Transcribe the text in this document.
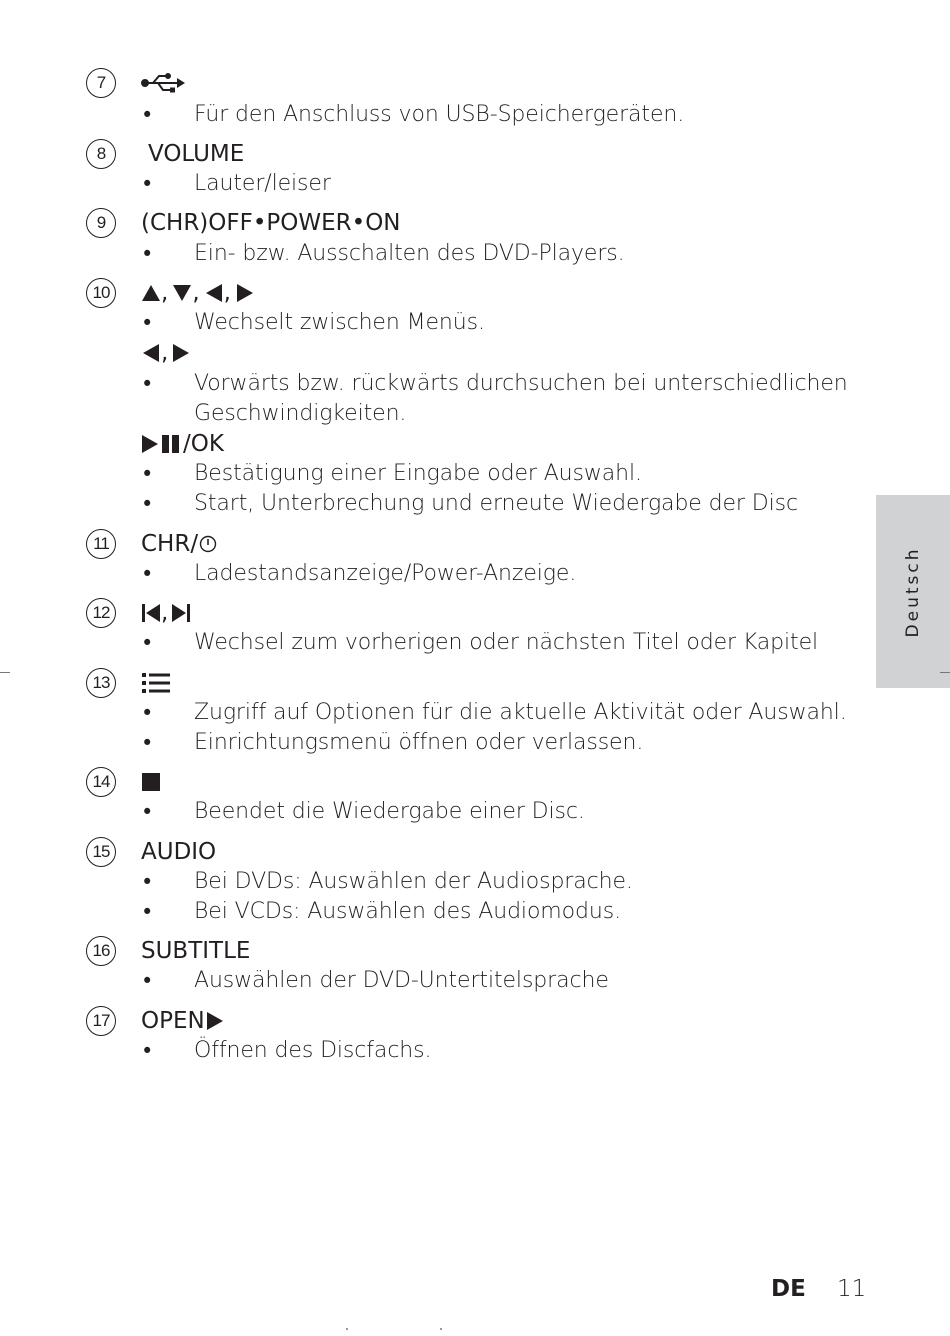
7
• Für den Anschluss von USB-Speichergeräten.
8	VOLUME
• Lauter/leiser
9	(CHR)OFF•POWER•ON
• Ein- bzw. Ausschalten des DVD-Players.
10 , , ,
• Wechselt zwischen Menüs.
,
• Vorwärts bzw. rückwärts durchsuchen bei unterschiedlichen
Geschwindigkeiten.
/OK
• Bestätigung einer Eingabe oder Auswahl.
• Start, Unterbrechung und erneute Wiedergabe der Disc
11	CHR/
• Ladestandsanzeige/Power-Anzeige.
12 ,
• Wechsel zum vorherigen oder nächsten Titel oder Kapitel
13
• Zugriff auf Optionen für die aktuelle Aktivität oder Auswahl.
• Einrichtungsmenü öffnen oder verlassen.
14
• Beendet die Wiedergabe einer Disc.
15 AUDIO
• Bei DVDs: Auswählen der Audiosprache.
• Bei VCDs: Auswählen des Audiomodus.
16 SUBTITLE
• Auswählen der DVD-Untertitelsprache
17 OPEN
• Öffnen des Discfachs.
Deutsch
DE 11
